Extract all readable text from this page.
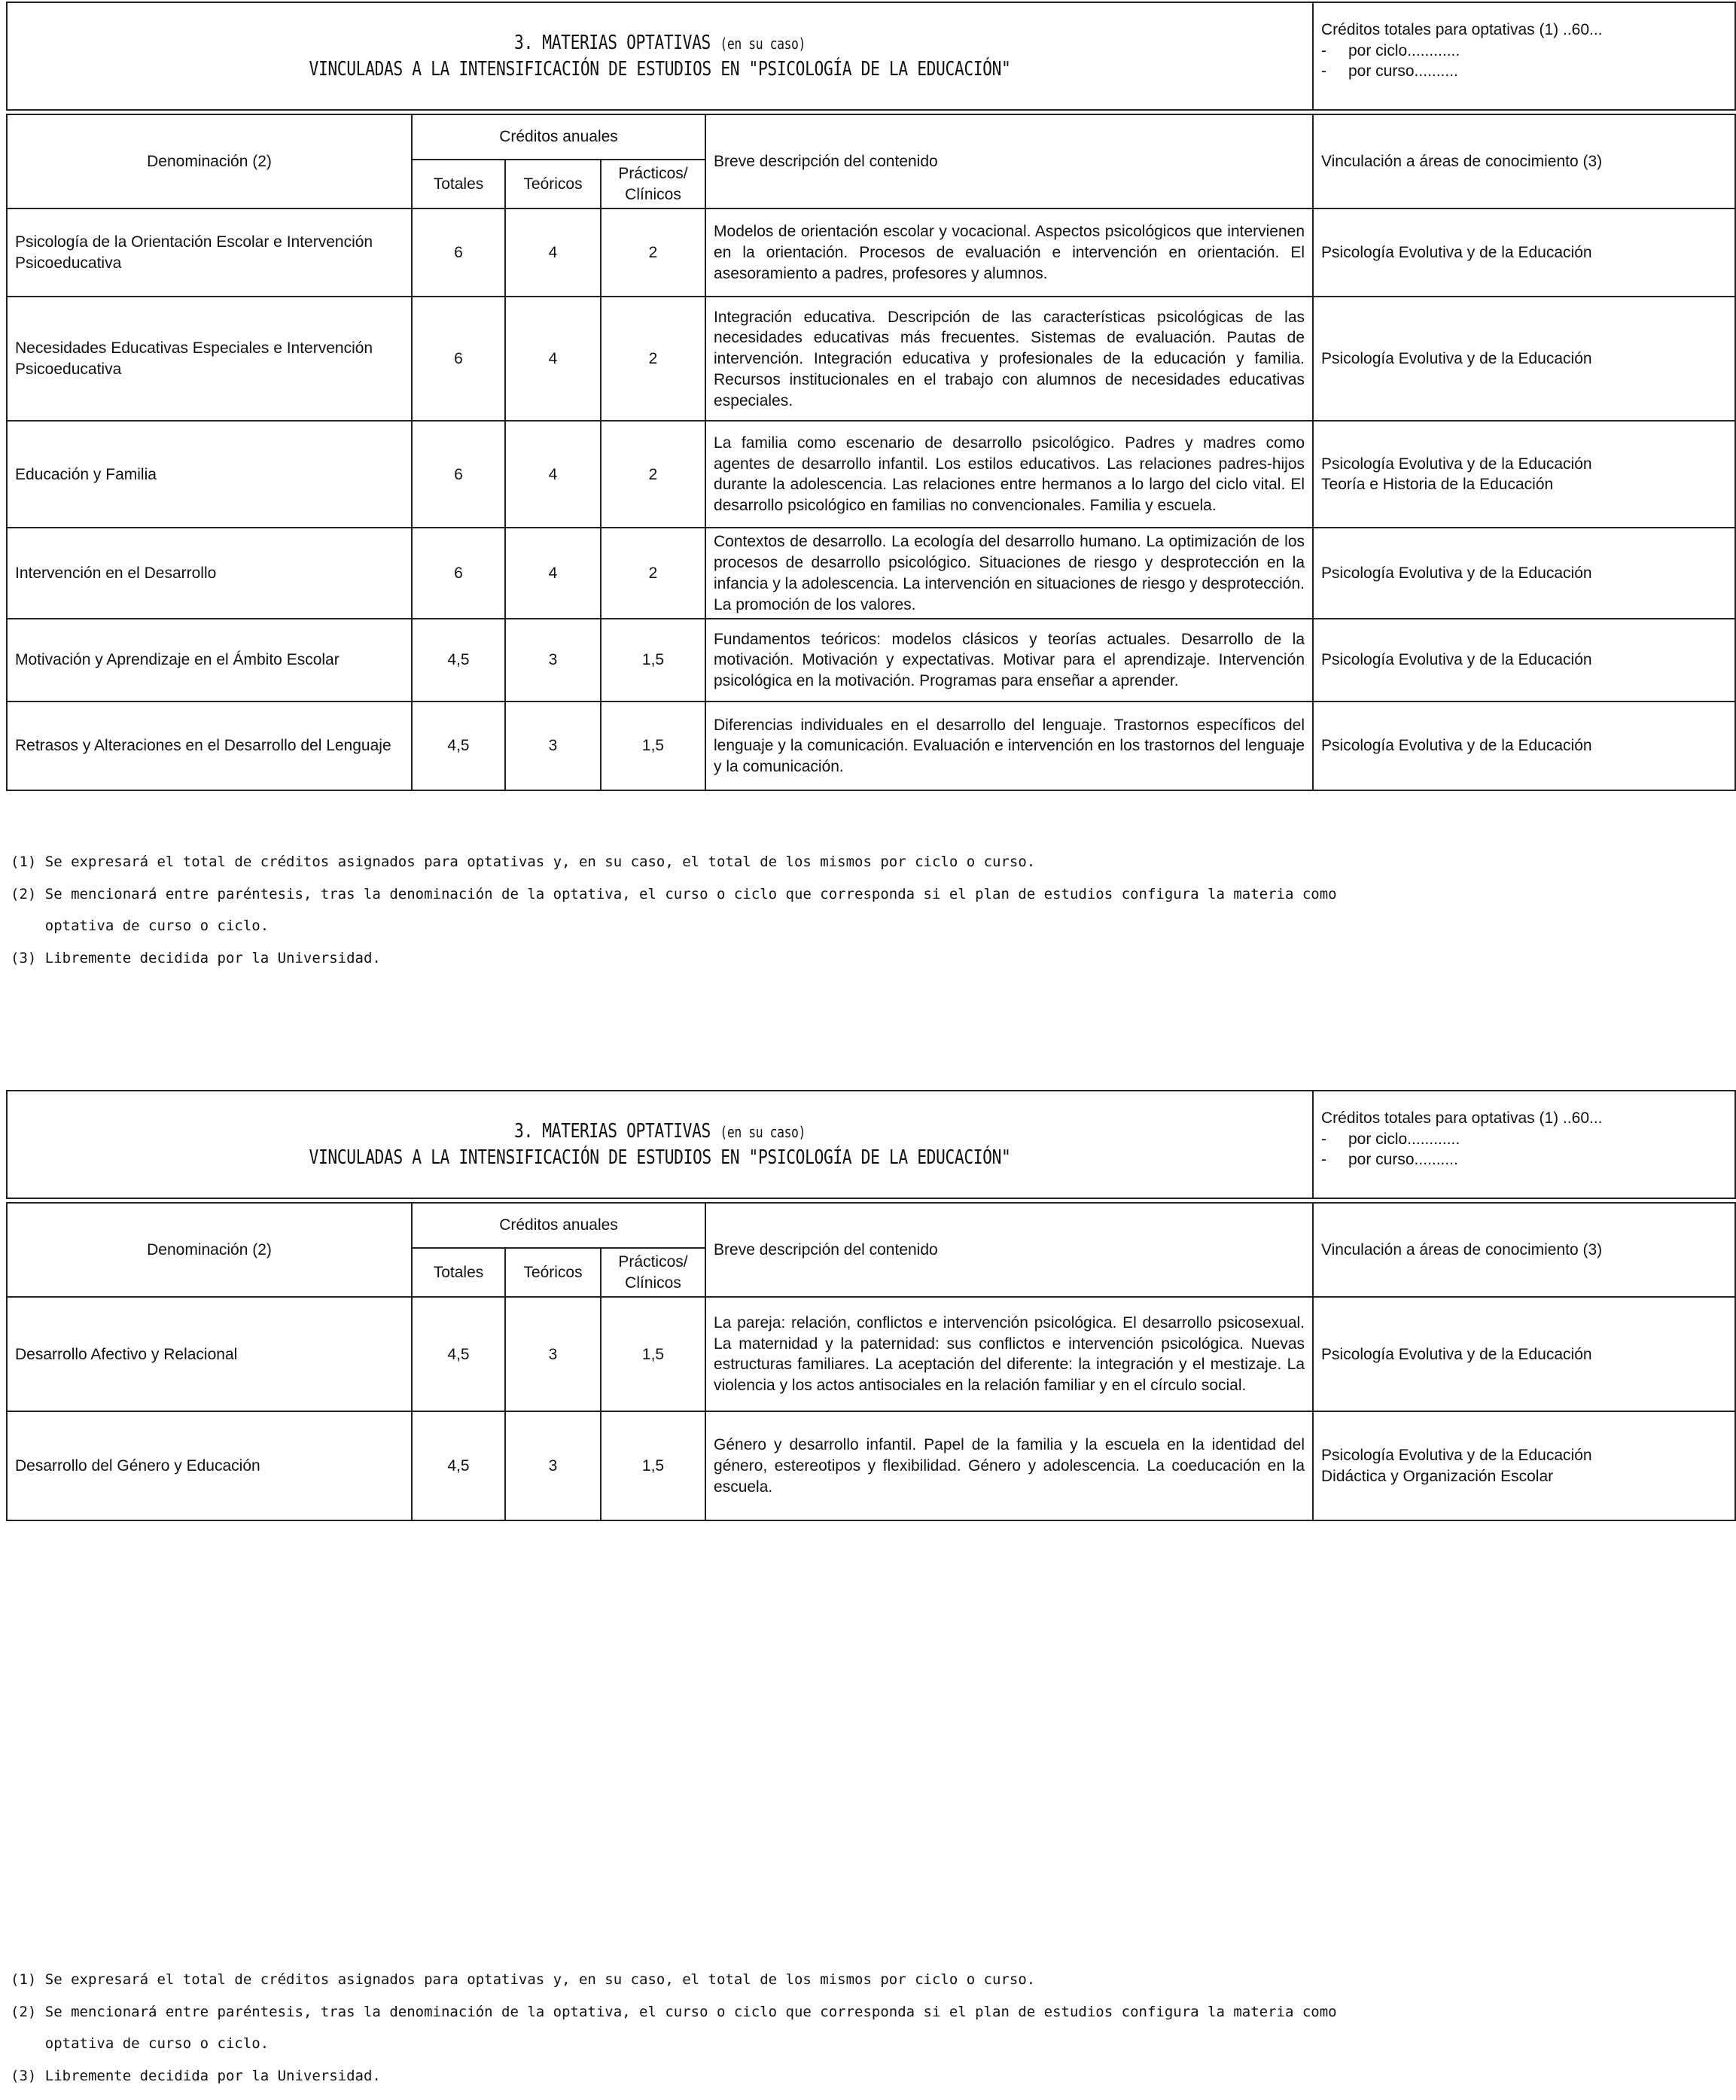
3. MATERIAS OPTATIVAS (en su caso)
VINCULADAS A LA INTENSIFICACIÓN DE ESTUDIOS EN "PSICOLOGÍA DE LA EDUCACIÓN"

Créditos totales para optativas (1) ..60...
- por ciclo............
- por curso..........
Denominación (2)	Créditos anuales			Breve descripción del contenido	Vinculación a áreas de conocimiento (3)
	Totales	Teóricos	Prácticos/ Clínicos		
Psicología de la Orientación Escolar e Intervención Psicoeducativa	6	4	2	Modelos de orientación escolar y vocacional. Aspectos psicológicos que intervienen en la orientación. Procesos de evaluación e intervención en orientación. El asesoramiento a padres, profesores y alumnos.	Psicología Evolutiva y de la Educación
Necesidades Educativas Especiales e Intervención Psicoeducativa	6	4	2	Integración educativa. Descripción de las características psicológicas de las necesidades educativas más frecuentes. Sistemas de evaluación. Pautas de intervención. Integración educativa y profesionales de la educación y familia. Recursos institucionales en el trabajo con alumnos de necesidades educativas especiales.	Psicología Evolutiva y de la Educación
Educación y Familia	6	4	2	La familia como escenario de desarrollo psicológico. Padres y madres como agentes de desarrollo infantil. Los estilos educativos. Las relaciones padres-hijos durante la adolescencia. Las relaciones entre hermanos a lo largo del ciclo vital. El desarrollo psicológico en familias no convencionales. Familia y escuela.	Psicología Evolutiva y de la Educación
Teoría e Historia de la Educación

Intervención en el Desarrollo	6	4	2	Contextos de desarrollo. La ecología del desarrollo humano. La optimización de los procesos de desarrollo psicológico. Situaciones de riesgo y desprotección en la infancia y la adolescencia. La intervención en situaciones de riesgo y desprotección. La promoción de los valores.	Psicología Evolutiva y de la Educación
Motivación y Aprendizaje en el Ámbito Escolar	4,5	3	1,5	Fundamentos teóricos: modelos clásicos y teorías actuales. Desarrollo de la motivación. Motivación y expectativas. Motivar para el aprendizaje. Intervención psicológica en la motivación. Programas para enseñar a aprender.	Psicología Evolutiva y de la Educación
Retrasos y Alteraciones en el Desarrollo del Lenguaje	4,5	3	1,5	Diferencias individuales en el desarrollo del lenguaje. Trastornos específicos del lenguaje y la comunicación. Evaluación e intervención en los trastornos del lenguaje y la comunicación.	Psicología Evolutiva y de la Educación

(1) Se expresará el total de créditos asignados para optativas y, en su caso, el total de los mismos por ciclo o curso.

(2) Se mencionará entre paréntesis, tras la denominación de la optativa, el curso o ciclo que corresponda si el plan de estudios configura la materia como

optativa de curso o ciclo.

(3) Libremente decidida por la Universidad.

3. MATERIAS OPTATIVAS (en su caso)
VINCULADAS A LA INTENSIFICACIÓN DE ESTUDIOS EN "PSICOLOGÍA DE LA EDUCACIÓN"

Créditos totales para optativas (1) ..60...
- por ciclo............
- por curso..........
Denominación (2)	Créditos anuales			Breve descripción del contenido	Vinculación a áreas de conocimiento (3)
	Totales	Teóricos	Prácticos/ Clínicos		
Desarrollo Afectivo y Relacional	4,5	3	1,5	La pareja: relación, conflictos e intervención psicológica. El desarrollo psicosexual. La maternidad y la paternidad: sus conflictos e intervención psicológica. Nuevas estructuras familiares. La aceptación del diferente: la integración y el mestizaje. La violencia y los actos antisociales en la relación familiar y en el círculo social.	Psicología Evolutiva y de la Educación
Desarrollo del Género y Educación	4,5	3	1,5	Género y desarrollo infantil. Papel de la familia y la escuela en la identidad del género, estereotipos y flexibilidad. Género y adolescencia. La coeducación en la escuela.	Psicología Evolutiva y de la Educación
Didáctica y Organización Escolar

(1) Se expresará el total de créditos asignados para optativas y, en su caso, el total de los mismos por ciclo o curso.

(2) Se mencionará entre paréntesis, tras la denominación de la optativa, el curso o ciclo que corresponda si el plan de estudios configura la materia como

optativa de curso o ciclo.

(3) Libremente decidida por la Universidad.
